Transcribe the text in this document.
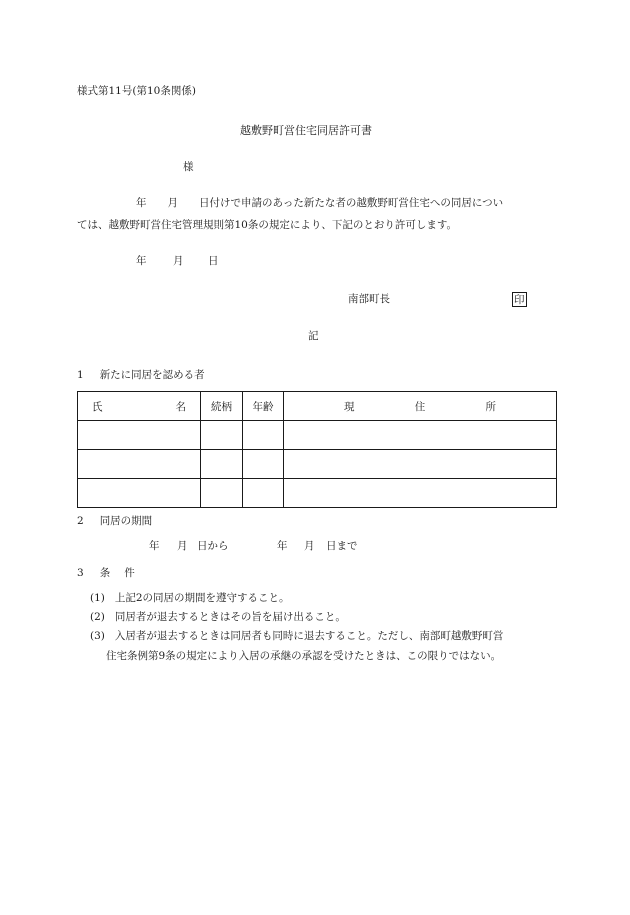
様式第11号(第10条関係)
越敷野町営住宅同居許可書
様
年　　月　　日付けで申請のあった新たな者の越敷野町営住宅への同居につい
ては、越敷野町営住宅管理規則第10条の規定により、下記のとおり許可します。
年	月 日
南部町長	印
記
1 新たに同居を認める者
氏 名	続柄	年齢	現 住 所

2 同居の期間
年 月 日から	年 月 日まで
3 条 件
(1) 上記2の同居の期間を遵守すること。
(2) 同居者が退去するときはその旨を届け出ること。
(3) 入居者が退去するときは同居者も同時に退去すること。ただし、南部町越敷野町営
住宅条例第9条の規定により入居の承継の承認を受けたときは、この限りではない。
